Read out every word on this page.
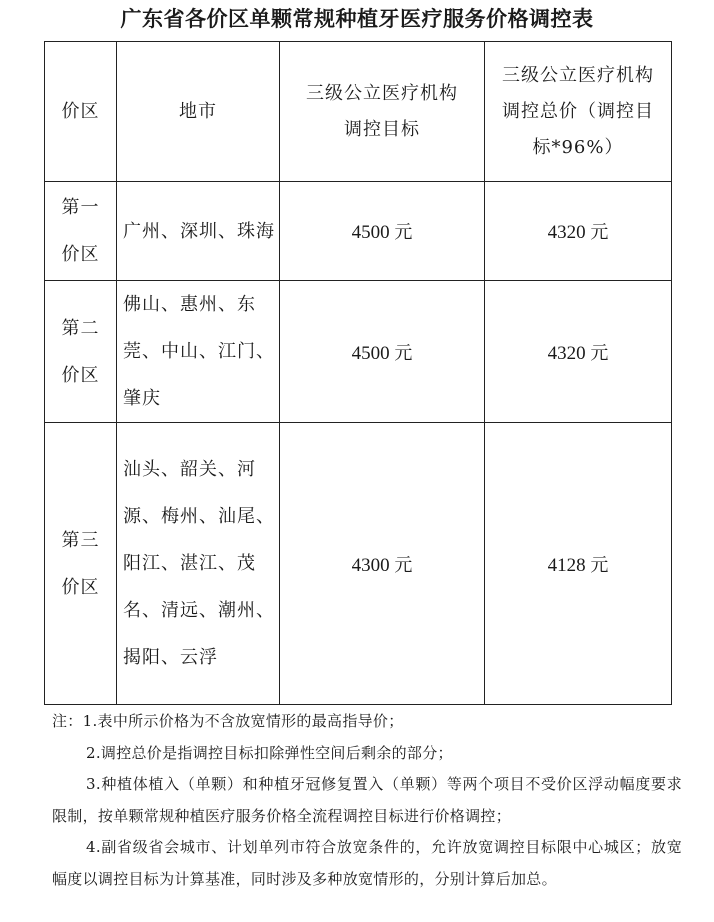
广东省各价区单颗常规种植牙医疗服务价格调控表
价区	地市	三级公立医疗机构调控目标	三级公立医疗机构调控总价（调控目标*96%）
第一价区	广州、深圳、珠海	4500 元	4320 元
第二价区	佛山、惠州、东莞、中山、江门、肇庆	4500 元	4320 元
第三价区	汕头、韶关、河源、梅州、汕尾、阳江、湛江、茂名、清远、潮州、揭阳、云浮	4300 元	4128 元

注：1.表中所示价格为不含放宽情形的最高指导价；

2.调控总价是指调控目标扣除弹性空间后剩余的部分；

3.种植体植入（单颗）和种植牙冠修复置入（单颗）等两个项目不受价区浮动幅度要求限制，按单颗常规种植医疗服务价格全流程调控目标进行价格调控；

4.副省级省会城市、计划单列市符合放宽条件的，允许放宽调控目标限中心城区；放宽幅度以调控目标为计算基准，同时涉及多种放宽情形的，分别计算后加总。
